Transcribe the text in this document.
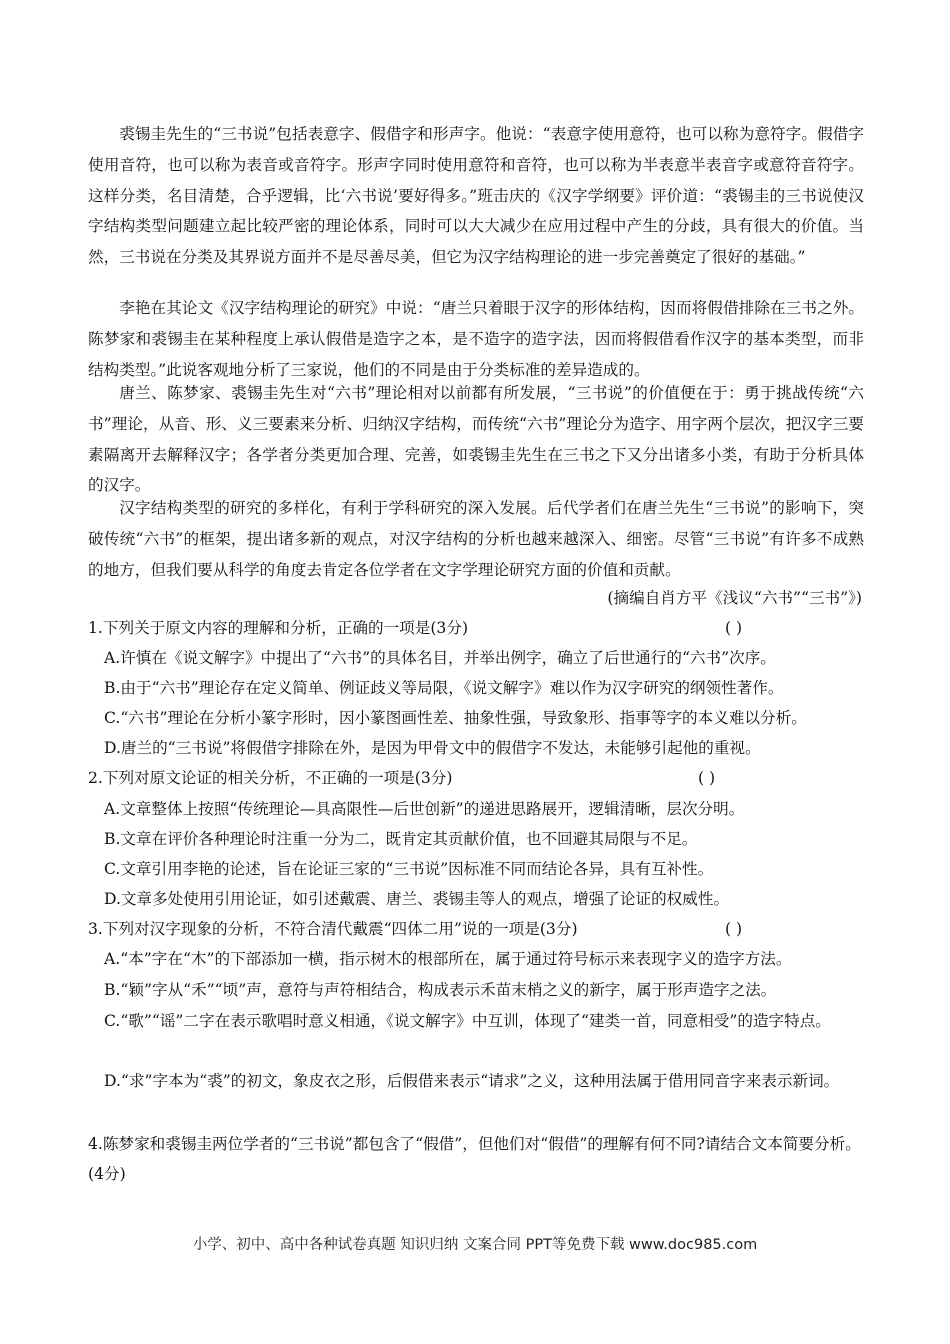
裘锡圭先生的“三书说”包括表意字、假借字和形声字。他说：“表意字使用意符，也可以称为意符字。假借字使用音符，也可以称为表音或音符字。形声字同时使用意符和音符，也可以称为半表意半表音字或意符音符字。这样分类，名目清楚，合乎逻辑，比‘六书说’要好得多。”班击庆的《汉字学纲要》评价道：“裘锡圭的三书说使汉字结构类型问题建立起比较严密的理论体系，同时可以大大减少在应用过程中产生的分歧，具有很大的价值。当然，三书说在分类及其界说方面并不是尽善尽美，但它为汉字结构理论的进一步完善奠定了很好的基础。”

李艳在其论文《汉字结构理论的研究》中说：“唐兰只着眼于汉字的形体结构，因而将假借排除在三书之外。陈梦家和裘锡圭在某种程度上承认假借是造字之本，是不造字的造字法，因而将假借看作汉字的基本类型，而非结构类型。”此说客观地分析了三家说，他们的不同是由于分类标准的差异造成的。

唐兰、陈梦家、裘锡圭先生对“六书”理论相对以前都有所发展，“三书说”的价值便在于：勇于挑战传统“六书”理论，从音、形、义三要素来分析、归纳汉字结构，而传统“六书”理论分为造字、用字两个层次，把汉字三要素隔离开去解释汉字；各学者分类更加合理、完善，如裘锡圭先生在三书之下又分出诸多小类，有助于分析具体的汉字。

汉字结构类型的研究的多样化，有利于学科研究的深入发展。后代学者们在唐兰先生“三书说”的影响下，突破传统“六书”的框架，提出诸多新的观点，对汉字结构的分析也越来越深入、细密。尽管“三书说”有许多不成熟的地方，但我们要从科学的角度去肯定各位学者在文字学理论研究方面的价值和贡献。

(摘编自肖方平《浅议“六书”“三书”》)

1.下列关于原文内容的理解和分析，正确的一项是(3分)	( )

A.许慎在《说文解字》中提出了“六书”的具体名目，并举出例字，确立了后世通行的“六书”次序。

B.由于“六书”理论存在定义简单、例证歧义等局限，《说文解字》难以作为汉字研究的纲领性著作。

C.“六书”理论在分析小篆字形时，因小篆图画性差、抽象性强，导致象形、指事等字的本义难以分析。

D.唐兰的“三书说”将假借字排除在外，是因为甲骨文中的假借字不发达，未能够引起他的重视。

2.下列对原文论证的相关分析，不正确的一项是(3分)	( )

A.文章整体上按照“传统理论—具高限性—后世创新”的递进思路展开，逻辑清晰，层次分明。

B.文章在评价各种理论时注重一分为二，既肯定其贡献价值，也不回避其局限与不足。

C.文章引用李艳的论述，旨在论证三家的“三书说”因标准不同而结论各异，具有互补性。

D.文章多处使用引用论证，如引述戴震、唐兰、裘锡圭等人的观点，增强了论证的权威性。

3.下列对汉字现象的分析，不符合清代戴震“四体二用”说的一项是(3分)	( )

A.“本”字在“木”的下部添加一横，指示树木的根部所在，属于通过符号标示来表现字义的造字方法。

B.“颖”字从“禾”“顷”声，意符与声符相结合，构成表示禾苗末梢之义的新字，属于形声造字之法。

C.“歌”“谣”二字在表示歌唱时意义相通，《说文解字》中互训，体现了“建类一首，同意相受”的造字特点。

D.“求”字本为“裘”的初文，象皮衣之形，后假借来表示“请求”之义，这种用法属于借用同音字来表示新词。

4.陈梦家和裘锡圭两位学者的“三书说”都包含了“假借”，但他们对“假借”的理解有何不同?请结合文本简要分析。(4分)

小学、初中、高中各种试卷真题 知识归纳 文案合同 PPT等免费下载 www.doc985.com
